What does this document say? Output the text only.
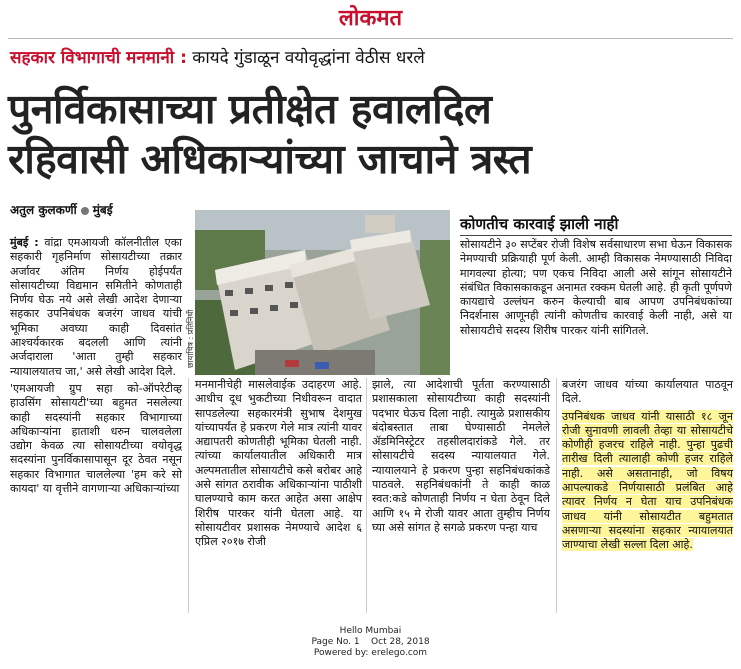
लोकमत
सहकार विभागाची मनमानी : कायदे गुंडाळून वयोवृद्धांना वेठीस धरले
पुनर्विकासाच्या प्रतीक्षेत हवालदिल
रहिवासी अधिकाऱ्यांच्या जाचाने त्रस्त
अतुल कुलकर्णी मुंबई

मुंबई : वांद्रा एमआयजी कॉलनीतील एका सहकारी गृहनिर्माण सोसायटीच्या तक्रार अर्जावर अंतिम निर्णय होईपर्यंत सोसायटीच्या विद्यमान समितीने कोणताही निर्णय घेऊ नये असे लेखी आदेश देणाऱ्या सहकार उपनिबंधक बजरंग जाधव यांची भूमिका अवघ्या काही दिवसांत आश्चर्यकारक बदलली आणि त्यांनी अर्जदाराला 'आता तुम्ही सहकार न्यायालयातच जा,' असे लेखी आदेश दिले.

'एमआयजी ग्रुप सहा को-ऑपरेटीव्ह हाउसिंग सोसायटी'च्या बहुमत नसलेल्या काही सदस्यांनी सहकार विभागाच्या अधिकाऱ्यांना हाताशी धरुन चालवलेला उद्योग केवळ त्या सोसायटीच्या वयोवृद्ध सदस्यांना पुनर्विकासापासून दूर ठेवत नसून सहकार विभागात चाललेल्या 'हम करे सो कायदा' या वृत्तीने वागणाऱ्या अधिकाऱ्यांच्या

छायाचित्र : प्रतिनिधी
कोणतीच कारवाई झाली नाही
सोसायटीने ३० सप्टेंबर रोजी विशेष सर्वसाधारण सभा घेऊन विकासक नेमण्याची प्रक्रियाही पूर्ण केली. आम्ही विकासक नेमण्यासाठी निविदा मागवल्या होत्या; पण एकच निविदा आली असे सांगून सोसायटीने संबंधित विकासकाकडून अनामत रक्कम घेतली आहे. ही कृती पूर्णपणे कायद्याचे उल्लंघन करुन केल्याची बाब आपण उपनिबंधकांच्या निदर्शनास आणूनही त्यांनी कोणतीच कारवाई केली नाही, असे या सोसायटीचे सदस्य शिरीष पारकर यांनी सांगितले.
मनमानीचेही मासलेवाईक उदाहरण आहे. आधीच दूध भुकटीच्या निधीवरून वादात सापडलेल्या सहकारमंत्री सुभाष देशमुख यांच्यापर्यंत हे प्रकरण गेले मात्र त्यांनी यावर अद्यापतरी कोणतीही भूमिका घेतली नाही. त्यांच्या कार्यालयातील अधिकारी मात्र अल्पमतातील सोसायटीचे कसे बरोबर आहे असे सांगत ठरावीक अधिकाऱ्यांना पाठीशी घालण्याचे काम करत आहेत असा आक्षेप शिरीष पारकर यांनी घेतला आहे. या सोसायटीवर प्रशासक नेमण्याचे आदेश ६ एप्रिल २०१७ रोजी
झाले, त्या आदेशाची पूर्तता करण्यासाठी प्रशासकाला सोसायटीच्या काही सदस्यांनी पदभार घेऊच दिला नाही. त्यामुळे प्रशासकीय बंदोबस्तात ताबा घेण्यासाठी नेमलेले ॲडमिनिस्ट्रेटर तहसीलदारांकडे गेले. तर सोसायटीचे सदस्य न्यायालयात गेले. न्यायालयाने हे प्रकरण पुन्हा सहनिबंधकांकडे पाठवले. सहनिबंधकांनी ते काही काळ स्वत:कडे कोणताही निर्णय न घेता ठेवून दिले आणि १५ मे रोजी यावर आता तुम्हीच निर्णय घ्या असे सांगत हे सगळे प्रकरण पन्हा याच
बजरंग जाधव यांच्या कार्यालयात पाठवून दिले.
उपनिबंधक जाधव यांनी यासाठी १८ जून रोजी सुनावणी लावली तेव्हा या सोसायटीचे कोणीही हजरच राहिले नाही. पुन्हा पुढची तारीख दिली त्यालाही कोणी हजर राहिले नाही. असे असतानाही, जो विषय आपल्याकडे निर्णयासाठी प्रलंबित आहे त्यावर निर्णय न घेता याच उपनिबंधक जाधव यांनी सोसायटीत बहुमतात असणाऱ्या सदस्यांना सहकार न्यायालयात जाण्याचा लेखी सल्ला दिला आहे.
Hello Mumbai
Page No. 1    Oct 28, 2018
Powered by: erelego.com
